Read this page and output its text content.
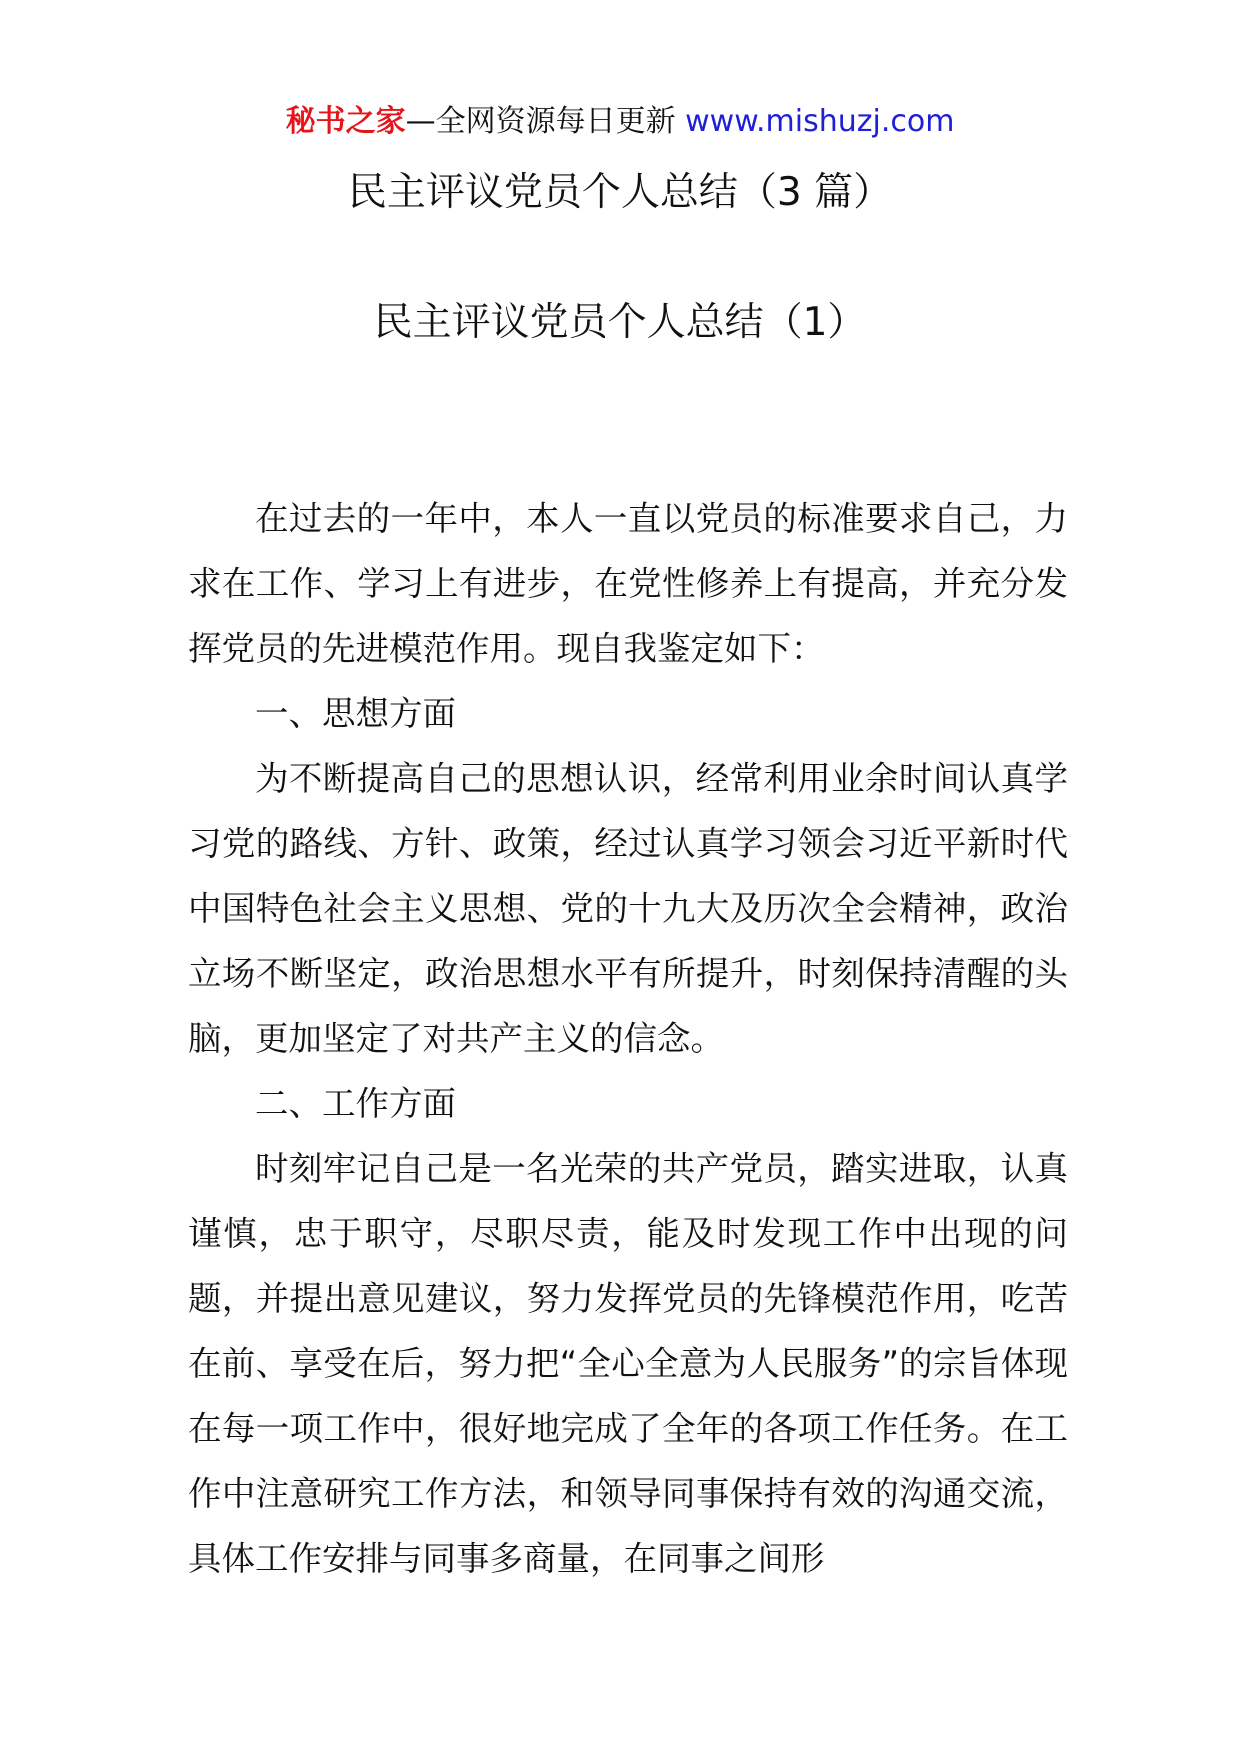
秘书之家—全网资源每日更新 www.mishuzj.com
民主评议党员个人总结（3 篇）
民主评议党员个人总结（1）

在过去的一年中，本人一直以党员的标准要求自己，力求在工作、学习上有进步，在党性修养上有提高，并充分发挥党员的先进模范作用。现自我鉴定如下：

一、思想方面

为不断提高自己的思想认识，经常利用业余时间认真学习党的路线、方针、政策，经过认真学习领会习近平新时代中国特色社会主义思想、党的十九大及历次全会精神，政治立场不断坚定，政治思想水平有所提升，时刻保持清醒的头脑，更加坚定了对共产主义的信念。

二、工作方面

时刻牢记自己是一名光荣的共产党员，踏实进取，认真谨慎，忠于职守，尽职尽责，能及时发现工作中出现的问题，并提出意见建议，努力发挥党员的先锋模范作用，吃苦在前、享受在后，努力把“全心全意为人民服务”的宗旨体现在每一项工作中，很好地完成了全年的各项工作任务。在工作中注意研究工作方法，和领导同事保持有效的沟通交流，具体工作安排与同事多商量，在同事之间形
